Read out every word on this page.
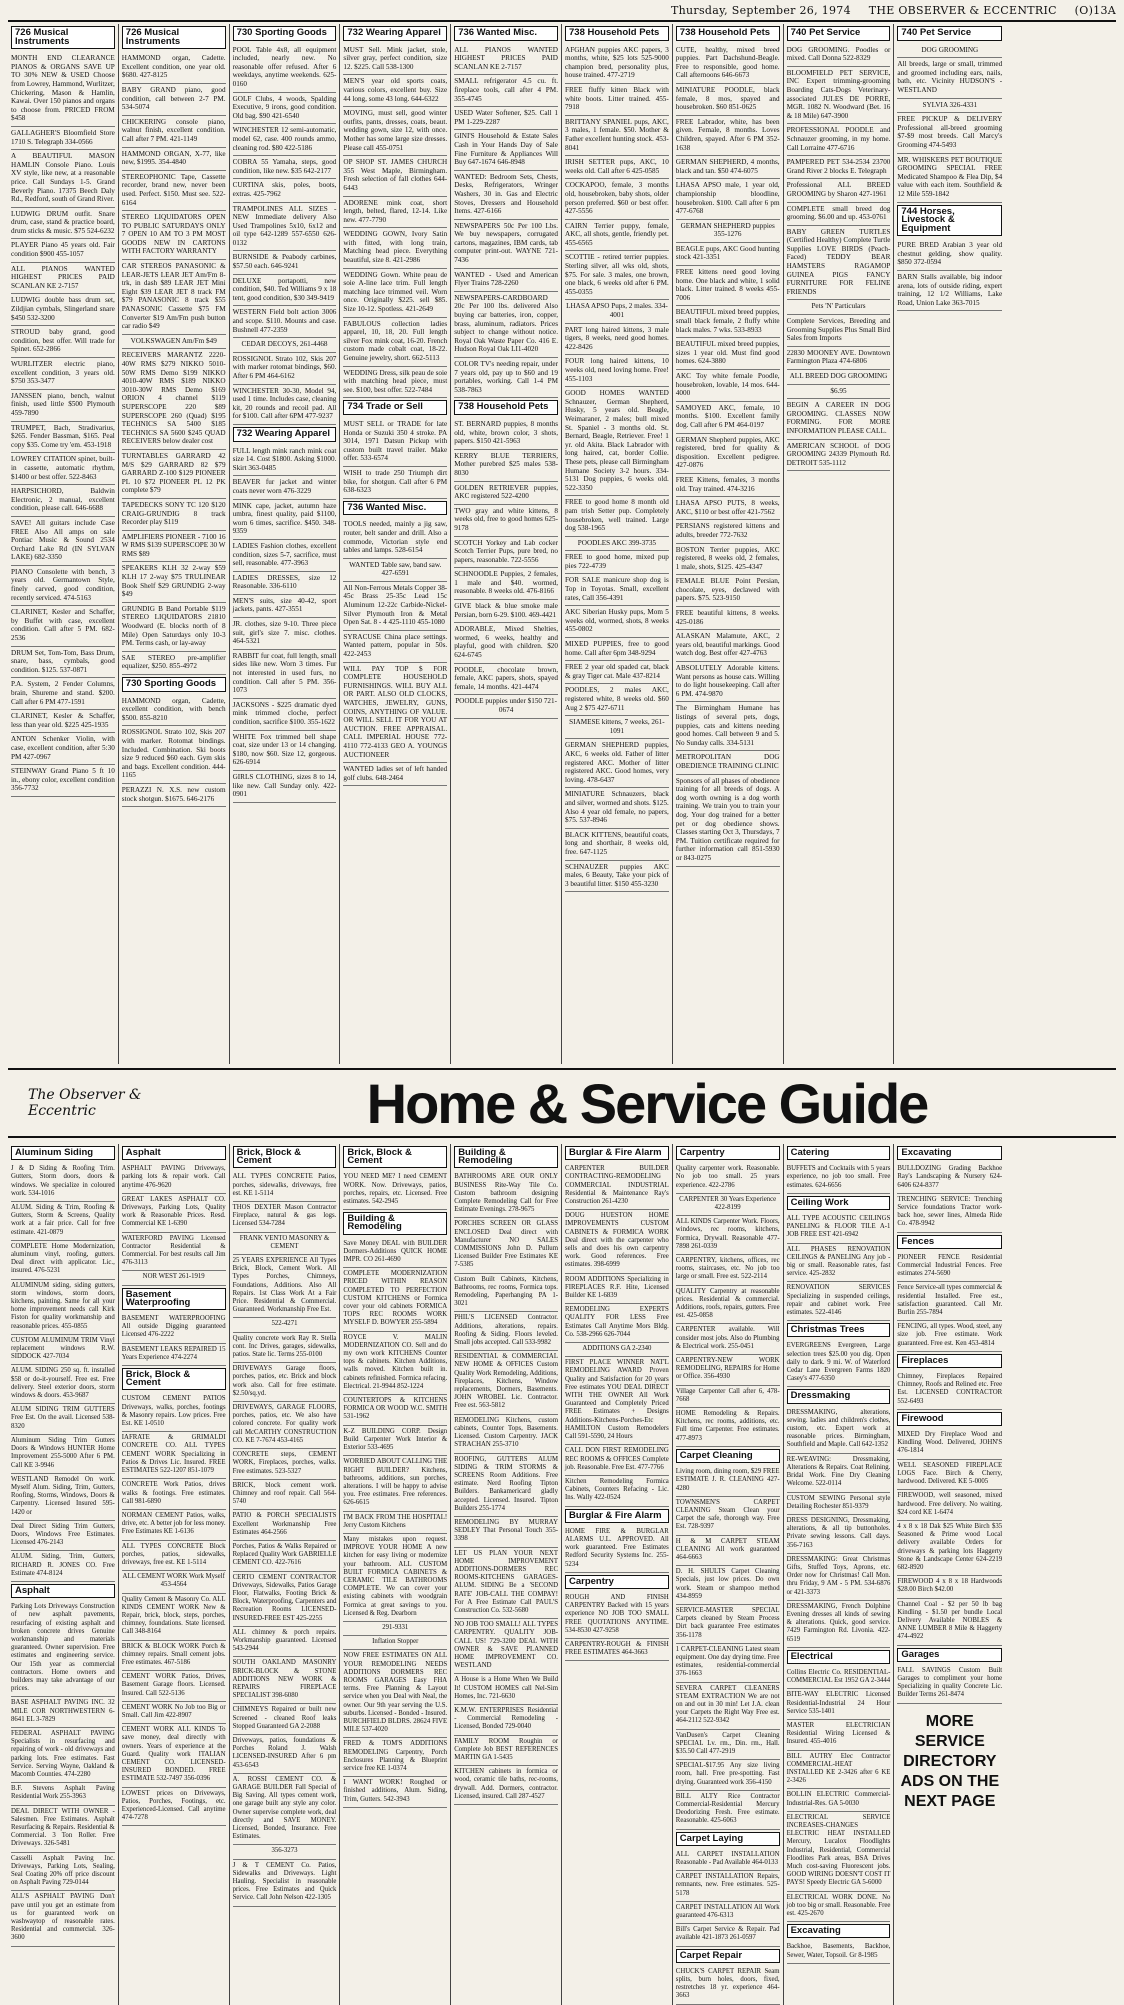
Thursday, September 26, 1974 THE OBSERVER & ECCENTRIC (O)13A
726 Musical Instruments
MONTH END CLEARANCE PIANOS & ORGANS SAVE UP TO 30% NEW & USED Choose from Lowrey, Hammond, Wurlitzer, Chickering, Mason & Hamlin, Kawai. Over 150 pianos and organs to choose from. PRICED FROM $458
GALLAGHER'S Bloomfield Store 1710 S. Telegraph 334-0566
A BEAUTIFUL MASON HAMLIN Console Piano. Louis XV style, like new, at a reasonable price. Call Sundays 1-5. Grand Beverly Piano. 17375 Beech Daly Rd., Redford, south of Grand River.
LUDWIG DRUM outfit. Snare drum, case, stand & practice board, drum sticks & music. $75 524-6232
PLAYER Piano 45 years old. Fair condition $900 455-1057
ALL PIANOS WANTED HIGHEST PRICES PAID SCANLAN KE 2-7157
LUDWIG double bass drum set, Zildjian cymbals, Slingerland snare $450 532-3200
STROUD baby grand, good condition, best offer. Will trade for Spinet. 652-2866
WURLITZER electric piano, excellent condition, 3 years old. $750 353-3477
JANSSEN piano, bench, walnut finish, used little $500 Plymouth 459-7890
TRUMPET, Bach, Stradivarius, $265. Fender Bassman, $165. Peal copy $35. Come try 'em. 453-1918
LOWREY CITATION spinet, built-in cassette, automatic rhythm, $1400 or best offer. 522-8463
HARPSICHORD, Baldwin Electronic, 2 manual, excellent condition, please call. 646-6688
SAVE! All guitars include Case FREE Also All amps on sale Pontiac Music & Sound 2534 Orchard Lake Rd (IN SYLVAN LAKE) 682-3350
PIANO Consolette with bench, 3 years old. Germantown Style, finely carved, good condition, recently serviced. 474-5163
CLARINET, Kesler and Schaffer, by Buffet with case, excellent condition. Call after 5 PM. 682-2536
DRUM Set, Tom-Tom, Bass Drum, snare, bass, cymbals, good condition. $125. 537-0871
P.A. System, 2 Fender Columns, brain, Shureme and stand. $200. Call after 6 PM 477-1591
CLARINET, Kesler & Schaffer, less than year old. $225 425-1935
ANTON Schenker Violin, with case, excellent condition, after 5:30 PM 427-0967
STEINWAY Grand Piano 5 ft 10 in., ebony color, excellent condition 356-7732
726 Musical Instruments
HAMMOND organ, Cadette. Excellent condition, one year old. $680. 427-8125
BABY GRAND piano, good condition, call between 2-7 PM. 534-5074
CHICKERING console piano, walnut finish, excellent condition. Call after 7 PM. 421-1149
HAMMOND ORGAN, X-77, like new, $1995. 354-4840
STEREOPHONIC Tape, Cassette recorder, brand new, never been used. Perfect. $150. Must see. 522-6164
STEREO LIQUIDATORS OPEN TO PUBLIC SATURDAYS ONLY 7 OPEN 10 AM TO 3 PM MOST GOODS NEW IN CARTONS WITH FACTORY WARRANTY
CAR STEREOS PANASONIC & LEAR-JETS LEAR JET Am/Fm 8-trk, in dash $89 LEAR JET Mini Eight $39 LEAR JET 8 track FM $79 PANASONIC 8 track $55 PANASONIC Cassette $75 FM Converter $19 Am/Fm push button car radio $49
VOLKSWAGEN Am/Fm $49
RECEIVERS MARANTZ 2220-40W RMS $279 NIKKO 5010-50W RMS Demo $199 NIKKO 4010-40W RMS $189 NIKKO 3010-30W RMS Demo $169 ORION 4 channel $119 SUPERSCOPE 220 $89 SUPERSCOPE 260 (Quad) $195 TECHNICS SA 5400 $185 TECHNICS SA 5600 $245 QUAD RECEIVERS below dealer cost
TURNTABLES GARRARD 42 M/S $29 GARRARD 82 $79 GARRARD Z-100 $129 PIONEER PL 10 $72 PIONEER PL 12 PK complete $79
TAPEDECKS SONY TC 120 $120 CRAIG-GRUNDIG 8 track Recorder play $119
AMPLIFIERS PIONEER - 7100 16 W RMS $139 SUPERSCOPE 30 W RMS $89
SPEAKERS KLH 32 2-way $59 KLH 17 2-way $75 TRULINEAR Book Shelf $29 GRUNDIG 2-way $49
GRUNDIG B Band Portable $119 STEREO LIQUIDATORS 21810 Woodward (E. blocks north of 8 Mile) Open Saturdays only 10-3 PM. Terms cash, or lay-away
SAE STEREO pre-amplifier equalizer, $250. 855-4972
730 Sporting Goods
HAMMOND organ, Cadette, excellent condition, with bench $500. 855-8210
ROSSIGNOL Strato 102, Skis 207 with marker. Rotomat bindings. Included. Combination. Ski boots size 9 reduced $60 each. Gym skis and bags. Excellent condition. 444-1165
PERAZZI N. X.S. new custom stock shotgun. $1675. 646-2176
730 Sporting Goods
POOL Table 4x8, all equipment included, nearly new. No reasonable offer refused. After 6 weekdays, anytime weekends. 625-0160
GOLF Clubs, 4 woods, Spalding Executive, 9 irons, good condition. Old bag. $90 421-6540
WINCHESTER 12 semi-automatic, model 62, case. 400 rounds ammo, cleaning rod. $80 422-5186
COBRA 55 Yamaha, steps, good condition, like new. $35 642-2177
CURTINA skis, poles, boots, extras. 425-7962
TRAMPOLINES ALL SIZES - NEW Immediate delivery Also Used Trampolines 5x10, 6x12 and oil type 642-1289 557-6550 626-0132
BURNSIDE & Peabody carbines, $57.50 each. 646-9241
DELUXE portapotti, new condition, $40. Ted Williams 9 x 18 tent, good condition, $30 349-9419
WESTERN Field bolt action 3006 and scope. $110. Mounts and case. Bushnell 477-2359
CEDAR DECOYS, 261-4468
ROSSIGNOL Strato 102, Skis 207 with marker rotomat bindings, $60. After 6 PM 464-6162
WINCHESTER 30-30, Model 94, used 1 time. Includes case, cleaning kit, 20 rounds and recoil pad. All for $100. Call after 6PM 477-9237
732 Wearing Apparel
FULL length mink ranch mink coat size 14. Cost $1800. Asking $1000. Skirt 363-0485
BEAVER fur jacket and winter coats never worn 476-3229
MINK cape, jacket, autumn haze umbra, finest quality, paid $1100, worn 6 times, sacrifice. $450. 348-9359
LADIES Fashion clothes, excellent condition, sizes 5-7, sacrifice, must sell, reasonable. 477-3963
LADIES DRESSES, size 12 Reasonable. 336-6110
MEN'S suits, size 40-42, sport jackets, pants. 427-3551
JR. clothes, size 9-10. Three piece suit, girl's size 7. misc. clothes. 464-5321
RABBIT fur coat, full length, small sides like new. Worn 3 times. Fur not interested in used furs, no condition. Call after 5 PM. 356-1073
JACKSONS - $225 dramatic dyed mink trimmed cloche, perfect condition, sacrifice $100. 355-1622
WHITE Fox trimmed bell shape coat, size under 13 or 14 changing. $180, now $60. Size 12, gorgeous. 626-6914
GIRLS CLOTHING, sizes 8 to 14, like new. Call Sunday only. 422-0901
732 Wearing Apparel
MUST Sell. Mink jacket, stole, silver gray, perfect condition, size 12. $225. Call 538-1300
MEN'S year old sports coats, various colors, excellent buy. Size 44 long, some 43 long. 644-6322
MOVING, must sell, good winter outfits, pants, dresses, coats, beaut. wedding gown, size 12, with once. Mother has some large size dresses. Please call 455-0751
OP SHOP ST. JAMES CHURCH 355 West Maple, Birmingham. Fresh selection of fall clothes 644-6443
ADORENE mink coat, short length, belted, flared, 12-14. Like new. 477-7790
WEDDING GOWN, Ivory Satin with fitted, with long train, Matching head piece. Everything beautiful, size 8. 421-2986
WEDDING Gown. White peau de soie A-line lace trim. Full length matching lace trimmed veil. Worn once. Originally $225. sell $85. Size 10-12. Spotless. 421-2649
FABULOUS collection ladies apparel, 10, 18, 20. Full length silver Fox mink coat, 16-20. French custom made cobalt coat, 18-22. Genuine jewelry, short. 662-5113
WEDDING Dress, silk peau de soie with matching head piece, must see. $100, best offer. 522-7484
734 Trade or Sell
MUST SELL or TRADE for late Honda or Suzuki 350 4 stroke. PA 3014, 1971 Datsun Pickup with custom built travel trailer. Make offer. 533-6574
WISH to trade 250 Triumph dirt bike, for shotgun. Call after 6 PM 638-6323
736 Wanted Misc.
TOOLS needed, mainly a jig saw, router, belt sander and drill. Also a commode, Victorian style end tables and lamps. 528-6154
WANTED Table saw, band saw. 427-6591
All Non-Ferrous Metals Copper 38-45c Brass 25-35c Lead 15c Aluminum 12-22c Carbide-Nickel-Silver Plymouth Iron & Metal Open Sat. 8 - 4 425-1110 455-1080
SYRACUSE China place settings. Wanted pattern, popular in 50s. 422-2453
WILL PAY TOP $ FOR COMPLETE HOUSEHOLD FURNISHINGS. WILL BUY ALL OR PART. ALSO OLD CLOCKS, WATCHES, JEWELRY, GUNS, COINS, ANYTHING OF VALUE. OR WILL SELL IT FOR YOU AT AUCTION. FREE APPRAISAL. CALL IMPERIAL HOUSE 772-4110 772-4133 GEO A. YOUNGS AUCTIONEER
WANTED ladies set of left handed golf clubs. 648-2464
736 Wanted Misc.
ALL PIANOS WANTED HIGHEST PRICES PAID SCANLAN KE 2-7157
SMALL refrigerator 4.5 cu. ft. fireplace tools, call after 4 PM. 355-4745
USED Water Softener, $25. Call 1 PM 1-229-2287
GINI'S Household & Estate Sales Cash in Your Hands Day of Sale Fine Furniture & Appliances Will Buy 647-1674 646-8948
WANTED: Bedroom Sets, Chests, Desks, Refrigerators, Wringer Washers, 30 in. Gas and Electric Stoves, Dressers and Household Items. 427-6166
NEWSPAPERS 50c Per 100 Lbs. We buy newspapers, corrugated cartons, magazines, IBM cards, tab computer print-out. WAYNE 721-7436
WANTED - Used and American Flyer Trains 728-2260
NEWSPAPERS-CARDBOARD 20c Per 100 lbs. delivered Also buying car batteries, iron, copper, brass, aluminum, radiators. Prices subject to change without notice. Royal Oak Waste Paper Co. 416 E. Hudson Royal Oak LI1-4020
COLOR TV's needing repair, under 7 years old, pay up to $60 and 19 portables, working. Call 1-4 PM 538-7863
738 Household Pets
ST. BERNARD puppies, 8 months old, white, brown color, 3 shots, papers. $150 421-5963
KERRY BLUE TERRIERS, Mother purebred $25 males 538-8030
GOLDEN RETRIEVER puppies, AKC registered 522-4200
TWO gray and white kittens, 8 weeks old, free to good homes 625-9178
SCOTCH Yorkey and Lab cocker Scotch Terrier Pups, pure bred, no papers, reasonable. 722-5556
SCHNOODLE Puppies, 2 females, 1 male and $40. wormed, reasonable. 8 weeks old. 476-8166
GIVE black & blue smoke male Persian, born 6-29. $100. 469-4421
ADORABLE, Mixed Shelties, wormed, 6 weeks, healthy and playful, good with children. $20 624-6745
POODLE, chocolate brown, female, AKC papers, shots, spayed female, 14 months. 421-4474
POODLE puppies under $150 721-0674
738 Household Pets
AFGHAN puppies AKC papers, 3 months, white, $25 lots 525-9000 champion bred, personality plus, house trained. 477-2719
FREE fluffy kitten Black with white boots. Litter trained. 455-7918
BRITTANY SPANIEL pups, AKC, 3 males, 1 female. $50. Mother & Father excellent hunting stock. 453-8041
IRISH SETTER pups, AKC, 10 weeks old. Call after 6 425-0585
COCKAPOO, female, 3 months old, housebroken, baby shots, older person preferred. $60 or best offer. 427-5556
CAIRN Terrier puppy, female, AKC, all shots, gentle, friendly pet. 455-6565
SCOTTIE - retired terrier puppies. Sterling silver, all wks old, shots, $75. For sale. 3 males, one brown, one black, 6 weeks old after 6 PM. 455-0355
LHASA APSO Pups, 2 males. 334-4001
PART long haired kittens, 3 male tigers, 8 weeks, need good homes. 422-8426
FOUR long haired kittens, 10 weeks old, need loving home. Free! 455-1103
GOOD HOMES WANTED Schnauzer, German Shepherd, Husky, 5 years old. Beagle, Weimaraner, 2 males; bull mixed St. Spaniel - 3 months old. St. Bernard, Beagle, Retriever. Free! 1 yr. old Akita. Black Labrador with long haired, cat, border Collie. These pets, please call Birmingham Humane Society 3-2 hours. 334-5131 Dog puppies, 6 weeks old. 522-3350
FREE to good home 8 month old pam trish Setter pup. Completely housebroken, well trained. Large dog 538-1965
POODLES AKC 399-3735
FREE to good home, mixed pup pies 722-4739
FOR SALE manicure shop dog is Top in Toyotas. Small, excellent rates, Call 356-4391
AKC Siberian Husky pups, Mom 5 weeks old, wormed, shots, 8 weeks 455-0802
MIXED PUPPIES, free to good home. Call after 6pm 348-9294
FREE 2 year old spaded cat, black & gray Tiger cat. Male 437-8214
POODLES, 2 males AKC, registered white, 8 weeks old. $60 Aug 2 $75 427-6711
SIAMESE kittens, 7 weeks, 261-1091
GERMAN SHEPHERD puppies, AKC, 6 weeks old. Father of litter registered AKC. Mother of litter registered AKC. Good homes, very loving. 478-6437
MINIATURE Schnauzers, black and silver, wormed and shots. $125. Also 4 year old female, no papers, $75. 537-8946
BLACK KITTENS, beautiful coats, long and shorthair, 8 weeks old, free. 647-1125
SCHNAUZER puppies AKC males, 6 Beauty, Take your pick of 3 beautiful litter. $150 455-3230
738 Household Pets
CUTE, healthy, mixed breed puppies. Part Dachshund-Beagle. Free to responsible, good home. Call afternoons 646-6673
MINIATURE POODLE, black female, 8 mos, spayed and housebroken. $60 851-0625
FREE Labrador, white, has been given. Female, 8 months. Loves Children, spayed. After 6 PM 352-1638
GERMAN SHEPHERD, 4 months, black and tan. $50 474-6075
LHASA APSO male, 1 year old, championship bloodline, housebroken. $100. Call after 6 pm 477-6768
GERMAN SHEPHERD puppies 355-1276
BEAGLE pups, AKC Good hunting stock 421-3351
FREE kittens need good loving home. One black and white, 1 solid black. Litter trained. 8 weeks 455-7006
BEAUTIFUL mixed breed puppies, small black female, 2 fluffy white black males. 7 wks. 533-8933
BEAUTIFUL mixed breed puppies, sizes 1 year old. Must find good homes. 624-3880
AKC Toy white female Poodle, housebroken, lovable, 14 mos. 644-4000
SAMOYED AKC, female, 10 months. $100. Excellent family dog. Call after 6 PM 464-0197
GERMAN Shepherd puppies, AKC registered, bred for quality & disposition. Excellent pedigree. 427-0876
FREE Kittens, females, 3 months old. Tray trained. 474-3216
LHASA APSO PUTS, 8 weeks, AKC, $110 or best offer 421-7562
PERSIANS registered kittens and adults, breeder 772-7632
BOSTON Terrier puppies, AKC registered, 8 weeks old, 2 females, 1 male, shots, $125. 425-4347
FEMALE BLUE Point Persian, chocolate, eyes, declawed with papers. $75. 523-9150
FREE beautiful kittens, 8 weeks. 425-0186
ALASKAN Malamute, AKC, 2 years old, beautiful markings. Good watch dog. Best offer 427-4763
ABSOLUTELY Adorable kittens. Want persons as house cats. Willing to do light housekeeping. Call after 6 PM. 474-9870
The Birmingham Humane has listings of several pets, dogs, puppies, cats and kittens needing good homes. Call between 9 and 5. No Sunday calls. 334-5131
METROPOLITAN DOG OBEDIENCE TRAINING CLINIC
Sponsors of all phases of obedience training for all breeds of dogs. A dog worth owning is a dog worth training. We train you to train your dog. Your dog trained for a better pet or dog obedience shows. Classes starting Oct 3, Thursdays, 7 PM. Tuition certificate required for further information call 851-5930 or 843-0275
740 Pet Service
DOG GROOMING. Poodles or mixed. Call Donna 522-8329
BLOOMFIELD PET SERVICE, INC Expert trimming-grooming Boarding Cats-Dogs Veterinary-associated JULES DE PORRE, MGR. 1082 N. Woodward (Bet. 16 & 18 Mile) 647-3900
PROFESSIONAL POODLE and Schnauzer grooming, in my home. Call Lorraine 477-6716
PAMPERED PET 534-2534 23700 Grand River 2 blocks E. Telegraph
Professional ALL BREED GROOMING by Sharon 427-1961
COMPLETE small breed dog grooming. $6.00 and up. 453-0761
BABY GREEN TURTLES (Certified Healthy) Complete Turtle Supplies LOVE BIRDS (Peach-Faced) TEDDY BEAR HAMSTERS RAGAMOP GUINEA PIGS FANCY FURNITURE FOR FELINE FRIENDS
Pets 'N' Particulars
Complete Services, Breeding and Grooming Supplies Plus Small Bird Sales from Imports
22830 MOONEY AVE. Downtown Farmington Plaza 474-6806
ALL BREED DOG GROOMING
$6.95
BEGIN A CAREER IN DOG GROOMING. CLASSES NOW FORMING. FOR MORE INFORMATION PLEASE CALL.
AMERICAN SCHOOL of DOG GROOMING 24339 Plymouth Rd. DETROIT 535-1112
740 Pet Service
DOG GROOMING
All breeds, large or small, trimmed and groomed including ears, nails, bath, etc. Vicinity HUDSON'S - WESTLAND
SYLVIA 326-4331
FREE PICKUP & DELIVERY Professional all-breed grooming $7-$9 most breeds. Call Marcy's Grooming 474-5493
MR. WHISKERS PET BOUTIQUE GROOMING SPECIAL FREE Medicated Shampoo & Flea Dip, $4 value with each item. Southfield & 12 Mile 559-1842
744 Horses, Livestock & Equipment
PURE BRED Arabian 3 year old chestnut gelding, show quality. $850 372-0594
BARN Stalls available, big indoor arena, lots of outside riding, expert training, 12 1/2 Williams, Lake Road, Union Lake 363-7015
The Observer & Eccentric	Home & Service Guide
Aluminum Siding
J & D Siding & Roofing Trim. Gutters, Storm doors, doors & windows. We specialize in coloured work. 534-1016
ALUM. Siding & Trim, Roofing & Gutters, Storm & Screens, Quality work at a fair price. Call for free estimate. 421-0879
COMPLETE Home Modernization, aluminum vinyl, roofing, gutters. Deal direct with applicator. Lic., insured. 476-5231
ALUMINUM siding, siding gutters, storm windows, storm doors, kitchens, painting. Same for all your home improvement needs call Kirk Fiston for quality workmanship and reasonable prices. 455-0855
CUSTOM ALUMINUM TRIM Vinyl replacement windows R.W. SIDDOCK 427-7034
ALUM. SIDING 250 sq. ft. installed $58 or do-it-yourself. Free est. Free delivery. Steel exterior doors, storm windows & doors. 453-9687
ALUM SIDING TRIM GUTTERS Free Est. On the avail. Licensed 538-8320
Aluminum Siding Trim Gutters Doors & Windows HUNTER Home Improvement 255-5000 After 6 PM. Call KE 3-9946
WESTLAND Remodel On work. Myself Alum. Siding, Trim, Gutters, Roofing, Storms, Windows, Doors & Carpentry. Licensed Insured 595-1420 or
Deal Direct Siding Trim Gutters, Doors, Windows Free Estimates. Licensed 476-2143
ALUM. Siding, Trim, Gutters, RICHARD R. JONES CO. Free Estimate 474-8124
Asphalt
Parking Lots Driveways Construction of new asphalt pavements, resurfacing of existing asphalt and broken concrete drives Genuine workmanship and materials guaranteed. Owner supervision. Free estimates and engineering service. Our 15th year as commercial contractors. Home owners and builders may take advantage of our prices.
BASE ASPHALT PAVING INC. 32 MILE COR NORTHWESTERN 6-8641 EL 3-7829
FEDERAL ASPHALT PAVING Specialists in resurfacing and repairing of work - old driveways and parking lots. Free estimates. Fast Service. Serving Wayne, Oakland & Macomb Counties. 474-2280
B.F. Stevens Asphalt Paving Residential Work 255-3963
DEAL DIRECT WITH OWNER - Salesmen. Free Estimates. Asphalt Resurfacing & Repairs. Residential & Commercial. 3 Ton Roller. Free Driveways. 326-5481
Casselli Asphalt Paving Inc. Driveways, Parking Lots, Sealing, Seal Coating 20% off price discount on Asphalt Paving 729-0144
ALL'S ASPHALT PAVING Don't pave until you get an estimate from us for guaranteed work on washwaytop of reasonable rates. Residential and commercial. 326-3600
Asphalt
ASPHALT PAVING Driveways, parking lots & repair work. Call anytime 476-9620
GREAT LAKES ASPHALT CO. Driveways, Parking Lots, Quality work & Reasonable Prices. Resd. Commercial KE 1-6390
WATERFORD PAVING Licensed Contractor Residential & Commercial. For best results call Jim 476-3113
NOR WEST 261-1919
Basement Waterproofing
BASEMENT WATERPROOFING All outside Digging guaranteed Licensed 476-2222
BASEMENT LEAKS REPAIRED 15 Years Experience 474-2274
Brick, Block & Cement
CUSTOM CEMENT PATIOS Driveways, walks, porches, footings & Masonry repairs. Low prices. Free Est. KE 1-0510
IAFRATE & GRIMALDI CONCRETE CO. ALL TYPES CEMENT WORK Specializing in Patios & Drives Lic. Insured. FREE ESTIMATES 522-1207 851-1079
CONCRETE Work Patios, drives walks & footings. Free estimates. Call 981-6890
NORMAN CEMENT Patios, walks, drive, etc. A better job for less money. Free Estimates KE 1-6136
ALL TYPES CONCRETE Block porches, patios, sidewalks, driveways, free est. KE 1-5114
ALL CEMENT WORK Work Myself 453-4564
Quality Cement & Masonry Co. ALL KINDS CEMENT WORK New & Repair, brick, block, steps, porches, chimney, foundations. State licensed. Call 348-8164
BRICK & BLOCK WORK Porch & chimney repairs. Small cement jobs. Free estimates. 467-5186
CEMENT WORK Patios, Drives, Basement Garage floors. Licensed. Insured. Call 522-5136
CEMENT WORK No Job too Big or Small. Call Jim 422-8907
CEMENT WORK ALL KINDS To save money, deal directly with owners. Years of experience at the Guard. Quality work ITALIAN CEMENT CO. LICENSED-INSURED BONDED. FREE ESTIMATE 532-7497 356-0396
LOWEST prices on Driveways, Patios, Porches, Footings, etc. Experienced-Licensed. Call anytime 474-7278
Brick, Block & Cement
ALL TYPES CONCRETE Patios, porches, sidewalks, driveways, free est. KE 1-5114
THOS DEXTER Mason Contractor Fireplace, natural & gas logs. Licensed 534-7284
FRANK VENTO MASONRY & CEMENT
25 YEARS EXPERIENCE All Types Brick, Block, Cement Work. All Types Porches, Chimneys, Foundations, Additions. Also All Repairs. 1st Class Work At a Fair Price. Residential & Commercial. Guaranteed. Workmanship Free Est.
522-4271
Quality concrete work Ray R. Stella cont. Inc Drives, garages, sidewalks, patios. State lic. Terms 255-0100
DRIVEWAYS Garage floors, porches, patios, etc. Brick and block work also. Call for free estimate. $2.50/sq.yd.
DRIVEWAYS, GARAGE FLOORS, porches, patios, etc. We also have colored concrete. For quality work call McCARTHY CONSTRUCTION CO. KE 7-7674 453-4165
CONCRETE steps, CEMENT WORK, Fireplaces, porches, walks. Free estimates. 523-5327
BRICK, block cement work. Chimney and roof repair. Call 564-5740
PATIO & PORCH SPECIALISTS Excellent Workmanship Free Estimates 464-2566
Porches, Patios & Walks Repaired or Replaced Quality Work GABRIELLE CEMENT CO. 422-7616
CERTO CEMENT CONTRACTOR Driveways, Sidewalks, Patios Garage Floor, Flatwalks, Footing Brick & Block, Waterproofing, Carpenters and Recreation Rooms LICENSED-INSURED-FREE EST 425-2255
ALL chimney & porch repairs. Workmanship guaranteed. Licensed 543-2944
SOUTH OAKLAND MASONRY BRICK-BLOCK & STONE ADDITIONS NEW WORK & REPAIRS FIREPLACE SPECIALIST 398-6080
CHIMNEYS Repaired or built new Screened - cleaned Roof leaks Stopped Guaranteed GA 2-2088
Driveways, patios, foundations & Porches Roland J. Walsh LICENSED-INSURED After 6 pm 453-6543
A. ROSSI CEMENT CO. & GARAGE BUILDER Fall Special of Big Saving. All types cement work, one garage built any style any color. Owner supervise complete work, deal directly and SAVE MONEY. Licensed, Bonded, Insurance. Free Estimates.
356-3273
J & T CEMENT Co. Patios, Sidewalks and Driveways. Light Hauling. Specialist in reasonable prices. Free Estimates and Quick Service. Call John Nelson 422-1305
Brick, Block & Cement
YOU NEED ME? I need CEMENT WORK. Now. Driveways, patios, porches, repairs, etc. Licensed. Free estimates. 542-2945
Building & Remodeling
Save Money DEAL with BUILDER Dormers-Additions QUICK HOME IMPR. CO 261-4690
COMPLETE MODERNIZATION PRICED WITHIN REASON COMPLETED TO PERFECTION CUSTOM KITCHENS or Formica cover your old cabinets FORMICA TOPS REC ROOMS WORK MYSELF D. BOWYER 255-5894
ROYCE V. MALIN MODERNIZATION CO. Sell and do my own work KITCHENS Counter tops & cabinets. Kitchen Additions, walls moved. Kitchen built in. cabinets refinished. Formica refacing. Electrical. 21-9944 852-1224
COUNTERTOPS & KITCHENS FORMICA OR WOOD W.C. SMITH 531-1962
K-Z BUILDING CORP. Design Build Carpenter Work Interior & Exterior 533-4695
WORRIED ABOUT CALLING THE RIGHT BUILDER? Kitchens, bathrooms, additions, sun porches, alterations. I will be happy to advise you. Free estimates. Free references. 626-6615
I'M BACK FROM THE HOSPITAL! Jerry Custom Kitchens
Many mistakes upon request. IMPROVE YOUR HOME A new kitchen for easy living or modernize your bathroom. ALL CUSTOM BUILT FORMICA CABINETS & CERAMIC TILE BATHROOMS COMPLETE. We can cover your existing cabinets with woodgrain Formica at great savings to you. Licensed & Reg. Dearborn
291-9331
Inflation Stopper
NOW FREE ESTIMATES ON ALL YOUR REMODELING NEEDS ADDITIONS DORMERS REC ROOMS GARAGES Easy FHA terms. Free Planning & Layout service when you Deal with Neal, the owner. Our 9th year serving the U.S. suburbs. Licensed - Bonded - Insured. BURCHFIELD BLDRS. 28624 FIVE MILE 537-4020
FRED & TOM'S ADDITIONS REMODELING Carpentry, Porch Enclosures Planning & Blueprint service free KE 1-0374
I WANT WORK! Roughed or finished additions, Alum. Siding, Trim, Gutters. 542-3943
Building & Remodeling
BATHROOMS ARE OUR ONLY BUSINESS Rite-Way Tile Co. Custom bathroom designing Complete Remodeling Call for Free Estimate Evenings. 278-9675
PORCHES SCREEN OR GLASS ENCLOSED Deal direct with Manufacturer NO SALES COMMISSIONS John D. Pullum Licensed Builder Free Estimates KE 7-5385
Custom Built Cabinets, Kitchens, Bathrooms, rec rooms, Formica tops. Remodeling, Paperhanging PA 1-3021
PHIL'S LICENSED Contractor. Additions, alterations, repairs. Roofing & Siding. Floors leveled. Small jobs accepted. Call 533-9982
RESIDENTIAL & COMMERCIAL NEW HOME & OFFICES Custom Quality Work Remodeling, Additions, Fireplaces, Kitchens, Window replacements, Dormers, Basements. JOHN WROBEL Lic. Contractor. Free est. 563-5812
REMODELING Kitchens, custom cabinets, Counter Tops, Basements. Licensed. Custom Carpentry. JACK STRACHAN 255-3710
ROOFING, GUTTERS ALUM SIDING & TRIM STORMS & SCREENS Room Additions. Free estimate. Nerd Roofing Tipton Builders. Bankamericard gladly accepted. Licensed. Insured. Tipton Builders 255-1774
REMODELING BY MURRAY SEDLEY That Personal Touch 355-3398
LET US PLAN YOUR NEXT HOME IMPROVEMENT ADDITIONS-DORMERS REC ROOMS-KITCHENS GARAGES-ALUM. SIDING Be a 'SECOND RATE' JOB-CALL THE COMPAY! For A Free Estimate Call PAUL'S Construction Co. 532-5680
NO JOB TOO SMALL! ALL TYPES CARPENTRY. QUALITY JOB- CALL US! 729-3200 DEAL WITH OWNER & SAVE PLANNED HOME IMPROVEMENT CO. WESTLAND
A House is a Home When We Build It! CUSTOM HOMES call Nel-Sim Homes, Inc. 721-6630
K.M.W. ENTERPRISES Residential - Commercial Remodeling - Licensed, Bonded 729-0040
FAMILY ROOM Roughin or Complete Job BEST REFERENCES MARTIN GA 1-5435
KITCHEN cabinets in formica or wood, ceramic tile baths, rec-rooms, drywall. Add. Dormers, contractor. Licensed, insured. Call 287-4527
Burglar & Fire Alarm
CARPENTER BUILDER CONTRACTING-REMODELING COMMERCIAL INDUSTRIAL Residential & Maintenance Ray's Construction 261-4230
DOUG HUESTON HOME IMPROVEMENTS CUSTOM CABINETS & FORMICA WORK Deal direct with the carpenter who sells and does his own carpentry work. Good references. Free estimates. 398-6999
ROOM ADDITIONS Specializing in FIREPLACES R.F. Hite, Licensed Builder KE 1-6839
REMODELING EXPERTS QUALITY FOR LESS Free Estimates Call Anytime Mors Bldg. Co. 538-2966 626-7044
ADDITIONS GA 2-2340
FIRST PLACE WINNER NAT'L REMODELING AWARD Proven Quality and Satisfaction for 20 years Free estimates YOU DEAL DIRECT WITH THE OWNER All Work Guaranteed and Completely Priced FREE Estimates + Designs Additions-Kitchens-Porches-Etc HAMILTON Custom Remodelers Call 591-5590, 24 Hours
CALL DON FIRST REMODELING REC ROOMS & OFFICES Complete job. Reasonable. Free Est. 477-7766
Kitchen Remodeling Formica Cabinets, Counters Refacing - Lic. Ins. Wally 422-0524
Burglar & Fire Alarm
HOME FIRE & BURGLAR ALARMS U.L. APPROVED. All work guaranteed. Free Estimates Redford Security Systems Inc. 255-5234
Carpentry
ROUGH AND FINISH CARPENTRY Backed with 15 years experience NO JOB TOO SMALL FREE QUOTATIONS ANYTIME. 534-8530 427-9258
CARPENTRY-ROUGH & FINISH FREE ESTIMATES 464-3663
Carpentry
Quality carpenter work. Reasonable. No job too small. 25 years experience. 422-2786
CARPENTER 30 Years Experience 422-8199
ALL KINDS Carpenter Work. Floors, windows, rec rooms, kitchens, Formica, Drywall. Reasonable 477-7898 261-0339
CARPENTRY, kitchens, offices, rec rooms, staircases, etc. No job too large or small. Free est. 522-2114
QUALITY Carpentry at reasonable prices. Residential & commercial. Additions, roofs, repairs, gutters. Free est. 425-0858
CARPENTER available. Will consider most jobs. Also do Plumbing & Electrical work. 255-0451
CARPENTRY-NEW WORK REMODELING, REPAIRS for Home or Office. 356-4930
Village Carpenter Call after 6, 478-7668
HOME Remodeling & Repairs. Kitchens, rec rooms, additions, etc. Full time Carpenter. Free estimates. 477-8973
Carpet Cleaning
Living room, dining room, $29 FREE ESTIMATE J. R. CLEANING 427-4280
TOWNSMEN'S CARPET CLEANING Steam Clean your Carpet the safe, thorough way. Free Est. 728-9397
H & M CARPET STEAM CLEANING All work guaranteed 464-6663
D. H. SHULTS Carpet Cleaning Specials, just low prices. Do own work. Steam or shampoo method 434-8959
SERVICE-MASTER SPECIAL Carpets cleaned by Steam Process Dirt back guarantee Free estimates 356-1178
1 CARPET-CLEANING Latest steam equipment. One day drying time. Free estimates, residential-commercial 376-1663
SEVERA CARPET CLEANERS STEAM EXTRACTION We are not on and out in 30 min! Let J.A. clean your Carpets the Right Way Free est. 464-2112 522-9342
VanDusen's Carpet Cleaning SPECIAL Lv. rm., Din. rm., Hall. $35.50 Call 477-2919
SPECIAL-$17.95 Any size living room, hall. Free pre-spotting. Fast drying. Guaranteed work 356-4150
BILL ALTY Rice Contractor Commercial-Residential Mercury Deodorizing Fresh. Free estimate. Reasonable. 425-6063
Carpet Laying
ALL CARPET INSTALLATION Reasonable - Pad Available 464-0133
CARPET INSTALLATION Repairs, remnants, new. Free estimates. 525-5178
CARPET INSTALLATION All Work guaranteed 476-6313
Bill's Carpet Service & Repair. Pad available 421-1873 261-0597
Carpet Repair
CHUCK'S CARPET REPAIR Seam splits, burn holes, doors, fixed, restretches 18 yr. experience 464-3663
Catering
BUFFETS and Cocktails with 5 years experience, no job too small. Free estimates. 624-6656
Ceiling Work
ALL TYPE ACOUSTIC CEILINGS PANELING & FLOOR TILE A-1 JOB FREE EST 421-6942
ALL PHASES RENOVATION CEILINGS & PANELING Any job - big or small. Reasonable rates, fast service. 425-2832
RENOVATION SERVICES Specializing in suspended ceilings, repair and cabinet work. Free estimates. 522-4146
Christmas Trees
EVERGREENS Evergreen, Large selection trees $25.00 you dig. Open daily to dark. 9 mi. W. of Waterford Cedar Lane Evergreen Farms 1820 Casey's 477-6350
Dressmaking
DRESSMAKING, alterations, sewing. ladies and children's clothes, custom, etc. Expert work at reasonable prices. Birmingham, Southfield and Maple. Call 642-1352
RE-WEAVING: Dressmaking, Alterations & Repairs. Coat Relining. Bridal Work. Fine Dry Cleaning Welcome. 522-0114
CUSTOM SEWING Personal style Detailing Rochester 851-9379
DRESS DESIGNING, Dressmaking, alterations, & all tip buttonholes. Private sewing lessons. Call days. 356-7163
DRESSMAKING: Great Christmas Gifts, Stuffed Toys, Aprons, etc. Order now for Christmas! Call Mon. thru Friday, 9 AM - 5 PM. 534-6876 or 421-3373
DRESSMAKING, French Dolphine Evening dresses all kinds of sewing & alterations. Quick, good service. 7429 Farmington Rd. Livonia. 422-6519
Electrical
Collins Electric Co. RESIDENTIAL-COMMERCIAL Est 1952 GA 2-3444
BITE-WAY ELECTRIC Licensed Residential-Industrial 24 Hour Service 535-1401
MASTER ELECTRICIAN Residential Wiring Licensed & Insured. 455-4016
BILL AUTRY Elec Contractor COMMERCIAL-HEAT INSTALLED KE 2-3426 after 6 KE 2-3426
BOLLIN ELECTRIC Commercial-Industrial-Res. GA 5-0030
ELECTRICAL SERVICE INCREASES-CHANGES ELECTRIC HEAT INSTALLED Mercury, Lucalox Floodlights Industrial, Residential, Commercial Floodlites Park areas, BSA Drives Much cost-saving Fluorescent jobs. GOOD WIRING DOESN'T COST IT PAYS! Speedy Electric GA 5-6000
ELECTRICAL WORK DONE. No job too big or small. Reasonable. Free est. 425-2670
Excavating
Backhoe, Basements, Backhoe, Sewer, Water, Topsoil. Gr 8-1985
Excavating
BULLDOZING Grading Backhoe Ray's Landscaping & Nursery 624-6406 624-8377
TRENCHING SERVICE: Trenching Service foundations Tractor work-back hoe, sewer lines, Almeda Ride Co. 478-9942
Fences
PIONEER FENCE Residential Commercial Industrial Fences. Free estimates 274-5690
Fence Service-all types commercial & residential Installed. Free est., satisfaction guaranteed. Call Mr. Burlin 255-7894
FENCING, all types. Wood, steel, any size job. Free estimate. Work guaranteed. Free est. Ken 453-4814
Fireplaces
Chimney, Fireplaces Repaired Chimney, Roofs and Relined etc. Free Est. LICENSED CONTRACTOR 552-6493
Firewood
MIXED Dry Fireplace Wood and Kindling Wood. Delivered, JOHN'S 476-1814
WELL SEASONED FIREPLACE LOGS Face. Birch & Cherry, hardwood. Delivered. KE 5-0005
FIREWOOD, well seasoned, mixed hardwood. Free delivery. No waiting. $24 cord KE 1-6474
4 x 8 x 18 Dak $25 White Birch $35 Seasoned & Prime wood Local delivery available Orders for driveways & parking lots Haggerty Stone & Landscape Center 624-2219 682-8920
FIREWOOD 4 x 8 x 18 Hardwoods $28.00 Birch $42.00
Channel Coal - $2 per 50 lb bag Kindling - $1.50 per bundle Local Delivery Available NOBLES & ANNE LUMBER 8 Mile & Haggerty 474-4922
Garages
FALL SAVINGS Custom Built Garages to compliment your home Specializing in quality Concrete Lic. Builder Terms 261-8474
MORE SERVICE DIRECTORY ADS ON THE NEXT PAGE
